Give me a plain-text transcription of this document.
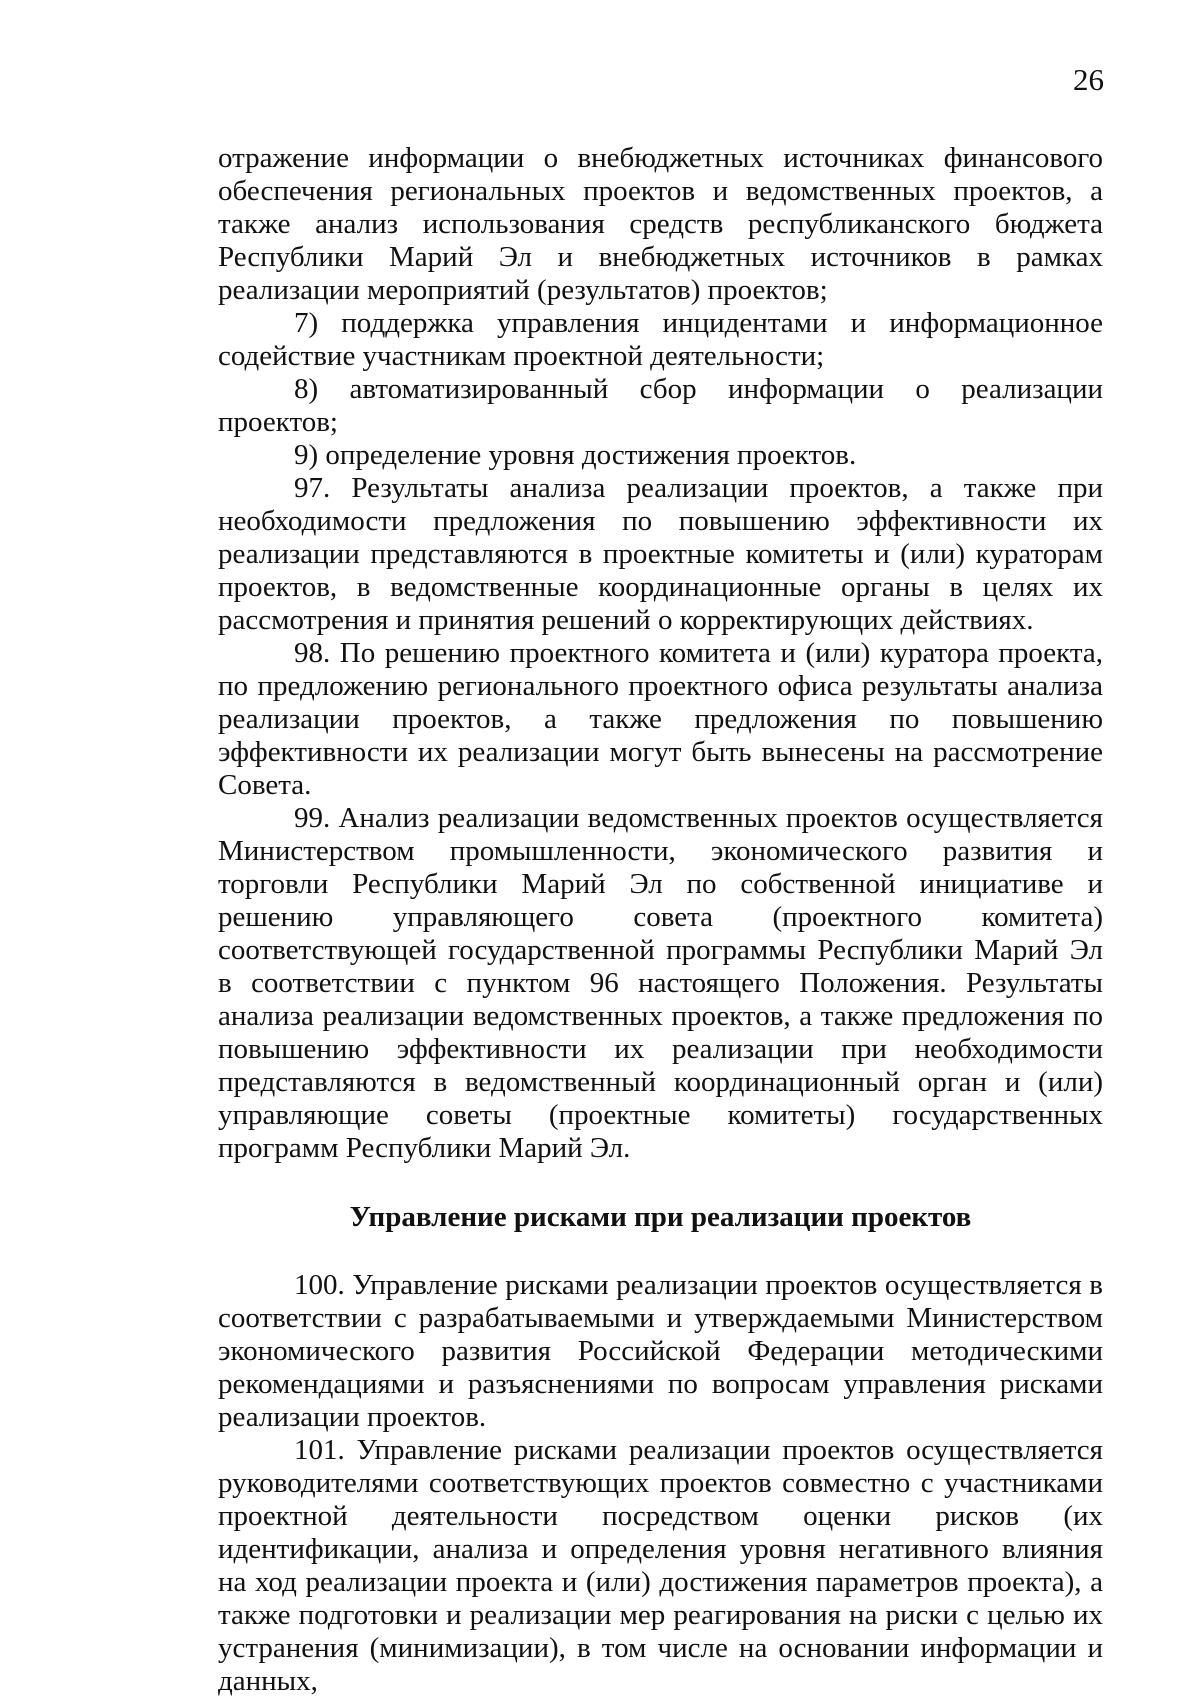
26

отражение информации о внебюджетных источниках финансового обеспечения региональных проектов и ведомственных проектов, а также анализ использования средств республиканского бюджета Республики Марий Эл и внебюджетных источников в рамках реализации мероприятий (результатов) проектов;

7) поддержка управления инцидентами и информационное содействие участникам проектной деятельности;

8) автоматизированный сбор информации о реализации проектов;

9) определение уровня достижения проектов.

97. Результаты анализа реализации проектов, а также при необходимости предложения по повышению эффективности их реализации представляются в проектные комитеты и (или) кураторам проектов, в ведомственные координационные органы в целях их рассмотрения и принятия решений о корректирующих действиях.

98. По решению проектного комитета и (или) куратора проекта, по предложению регионального проектного офиса результаты анализа реализации проектов, а также предложения по повышению эффективности их реализации могут быть вынесены на рассмотрение Совета.

99. Анализ реализации ведомственных проектов осуществляется Министерством промышленности, экономического развития и торговли Республики Марий Эл по собственной инициативе и решению управляющего совета (проектного комитета) соответствующей государственной программы Республики Марий Эл в соответствии с пунктом 96 настоящего Положения. Результаты анализа реализации ведомственных проектов, а также предложения по повышению эффективности их реализации при необходимости представляются в ведомственный координационный орган и (или) управляющие советы (проектные комитеты) государственных программ Республики Марий Эл.

Управление рисками при реализации проектов

100. Управление рисками реализации проектов осуществляется в соответствии с разрабатываемыми и утверждаемыми Министерством экономического развития Российской Федерации методическими рекомендациями и разъяснениями по вопросам управления рисками реализации проектов.

101. Управление рисками реализации проектов осуществляется руководителями соответствующих проектов совместно с участниками проектной деятельности посредством оценки рисков (их идентификации, анализа и определения уровня негативного влияния на ход реализации проекта и (или) достижения параметров проекта), а также подготовки и реализации мер реагирования на риски с целью их устранения (минимизации), в том числе на основании информации и данных,
